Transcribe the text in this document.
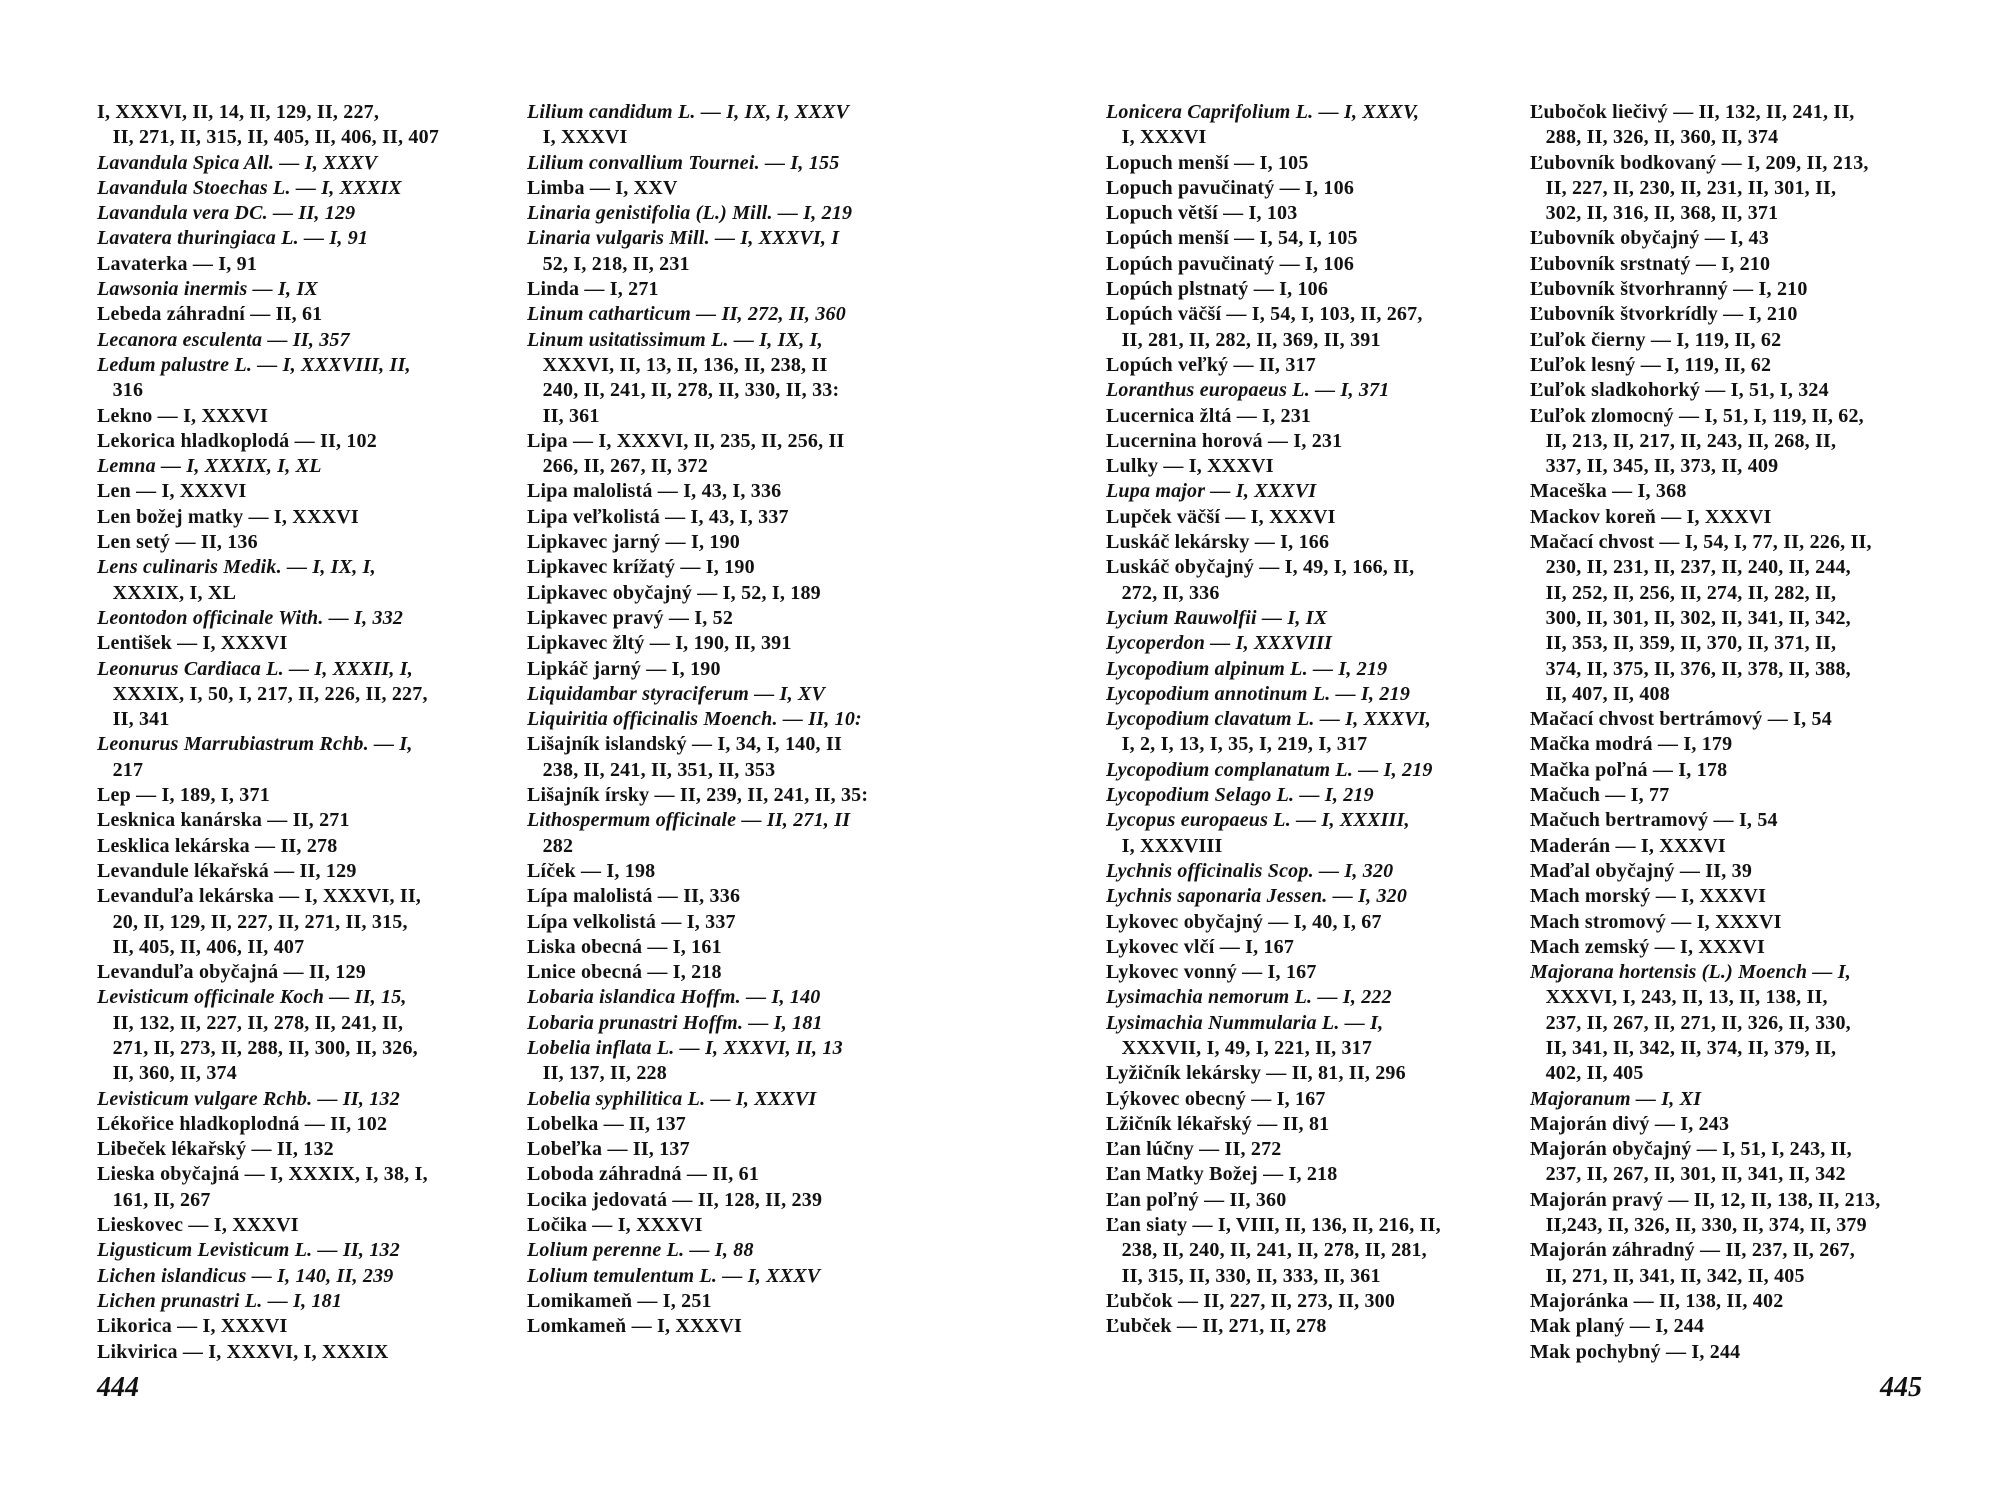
I, XXXVI, II, 14, II, 129, II, 227,
II, 271, II, 315, II, 405, II, 406, II, 407
Lavandula Spica All. — I, XXXV
Lavandula Stoechas L. — I, XXXIX
Lavandula vera DC. — II, 129
Lavatera thuringiaca L. — I, 91
Lavaterka — I, 91
Lawsonia inermis — I, IX
Lebeda záhradní — II, 61
Lecanora esculenta — II, 357
Ledum palustre L. — I, XXXVIII, II,
316
Lekno — I, XXXVI
Lekorica hladkoplodá — II, 102
Lemna — I, XXXIX, I, XL
Len — I, XXXVI
Len božej matky — I, XXXVI
Len setý — II, 136
Lens culinaris Medik. — I, IX, I,
XXXIX, I, XL
Leontodon officinale With. — I, 332
Lentišek — I, XXXVI
Leonurus Cardiaca L. — I, XXXII, I,
XXXIX, I, 50, I, 217, II, 226, II, 227,
II, 341
Leonurus Marrubiastrum Rchb. — I,
217
Lep — I, 189, I, 371
Lesknica kanárska — II, 271
Lesklica lekárska — II, 278
Levandule lékařská — II, 129
Levanduľa lekárska — I, XXXVI, II,
20, II, 129, II, 227, II, 271, II, 315,
II, 405, II, 406, II, 407
Levanduľa obyčajná — II, 129
Levisticum officinale Koch — II, 15,
II, 132, II, 227, II, 278, II, 241, II,
271, II, 273, II, 288, II, 300, II, 326,
II, 360, II, 374
Levisticum vulgare Rchb. — II, 132
Lékořice hladkoplodná — II, 102
Libeček lékařský — II, 132
Lieska obyčajná — I, XXXIX, I, 38, I,
161, II, 267
Lieskovec — I, XXXVI
Ligusticum Levisticum L. — II, 132
Lichen islandicus — I, 140, II, 239
Lichen prunastri L. — I, 181
Likorica — I, XXXVI
Likvirica — I, XXXVI, I, XXXIX
Lilium candidum L. — I, IX, I, XXXV
I, XXXVI
Lilium convallium Tournei. — I, 155
Limba — I, XXV
Linaria genistifolia (L.) Mill. — I, 219
Linaria vulgaris Mill. — I, XXXVI, I
52, I, 218, II, 231
Linda — I, 271
Linum catharticum — II, 272, II, 360
Linum usitatissimum L. — I, IX, I,
XXXVI, II, 13, II, 136, II, 238, II
240, II, 241, II, 278, II, 330, II, 33:
II, 361
Lipa — I, XXXVI, II, 235, II, 256, II
266, II, 267, II, 372
Lipa malolistá — I, 43, I, 336
Lipa veľkolistá — I, 43, I, 337
Lipkavec jarný — I, 190
Lipkavec krížatý — I, 190
Lipkavec obyčajný — I, 52, I, 189
Lipkavec pravý — I, 52
Lipkavec žltý — I, 190, II, 391
Lipkáč jarný — I, 190
Liquidambar styraciferum — I, XV
Liquiritia officinalis Moench. — II, 10:
Lišajník islandský — I, 34, I, 140, II
238, II, 241, II, 351, II, 353
Lišajník írsky — II, 239, II, 241, II, 35:
Lithospermum officinale — II, 271, II
282
Líček — I, 198
Lípa malolistá — II, 336
Lípa velkolistá — I, 337
Liska obecná — I, 161
Lnice obecná — I, 218
Lobaria islandica Hoffm. — I, 140
Lobaria prunastri Hoffm. — I, 181
Lobelia inflata L. — I, XXXVI, II, 13
II, 137, II, 228
Lobelia syphilitica L. — I, XXXVI
Lobelka — II, 137
Lobeľka — II, 137
Loboda záhradná — II, 61
Locika jedovatá — II, 128, II, 239
Ločika — I, XXXVI
Lolium perenne L. — I, 88
Lolium temulentum L. — I, XXXV
Lomikameň — I, 251
Lomkameň — I, XXXVI
444
Lonicera Caprifolium L. — I, XXXV,
I, XXXVI
Lopuch menší — I, 105
Lopuch pavučinatý — I, 106
Lopuch větší — I, 103
Lopúch menší — I, 54, I, 105
Lopúch pavučinatý — I, 106
Lopúch plstnatý — I, 106
Lopúch väčší — I, 54, I, 103, II, 267,
II, 281, II, 282, II, 369, II, 391
Lopúch veľký — II, 317
Loranthus europaeus L. — I, 371
Lucernica žltá — I, 231
Lucernina horová — I, 231
Lulky — I, XXXVI
Lupa major — I, XXXVI
Lupček väčší — I, XXXVI
Luskáč lekársky — I, 166
Luskáč obyčajný — I, 49, I, 166, II,
272, II, 336
Lycium Rauwolfii — I, IX
Lycoperdon — I, XXXVIII
Lycopodium alpinum L. — I, 219
Lycopodium annotinum L. — I, 219
Lycopodium clavatum L. — I, XXXVI,
I, 2, I, 13, I, 35, I, 219, I, 317
Lycopodium complanatum L. — I, 219
Lycopodium Selago L. — I, 219
Lycopus europaeus L. — I, XXXIII,
I, XXXVIII
Lychnis officinalis Scop. — I, 320
Lychnis saponaria Jessen. — I, 320
Lykovec obyčajný — I, 40, I, 67
Lykovec vlčí — I, 167
Lykovec vonný — I, 167
Lysimachia nemorum L. — I, 222
Lysimachia Nummularia L. — I,
XXXVII, I, 49, I, 221, II, 317
Lyžičník lekársky — II, 81, II, 296
Lýkovec obecný — I, 167
Lžičník lékařský — II, 81
Ľan lúčny — II, 272
Ľan Matky Božej — I, 218
Ľan poľný — II, 360
Ľan siaty — I, VIII, II, 136, II, 216, II,
238, II, 240, II, 241, II, 278, II, 281,
II, 315, II, 330, II, 333, II, 361
Ľubčok — II, 227, II, 273, II, 300
Ľubček — II, 271, II, 278
Ľubočok liečivý — II, 132, II, 241, II,
288, II, 326, II, 360, II, 374
Ľubovník bodkovaný — I, 209, II, 213,
II, 227, II, 230, II, 231, II, 301, II,
302, II, 316, II, 368, II, 371
Ľubovník obyčajný — I, 43
Ľubovník srstnatý — I, 210
Ľubovník štvorhranný — I, 210
Ľubovník štvorkrídly — I, 210
Ľuľok čierny — I, 119, II, 62
Ľuľok lesný — I, 119, II, 62
Ľuľok sladkohorký — I, 51, I, 324
Ľuľok zlomocný — I, 51, I, 119, II, 62,
II, 213, II, 217, II, 243, II, 268, II,
337, II, 345, II, 373, II, 409
Maceška — I, 368
Mackov koreň — I, XXXVI
Mačací chvost — I, 54, I, 77, II, 226, II,
230, II, 231, II, 237, II, 240, II, 244,
II, 252, II, 256, II, 274, II, 282, II,
300, II, 301, II, 302, II, 341, II, 342,
II, 353, II, 359, II, 370, II, 371, II,
374, II, 375, II, 376, II, 378, II, 388,
II, 407, II, 408
Mačací chvost bertrámový — I, 54
Mačka modrá — I, 179
Mačka poľná — I, 178
Mačuch — I, 77
Mačuch bertramový — I, 54
Maderán — I, XXXVI
Maďal obyčajný — II, 39
Mach morský — I, XXXVI
Mach stromový — I, XXXVI
Mach zemský — I, XXXVI
Majorana hortensis (L.) Moench — I,
XXXVI, I, 243, II, 13, II, 138, II,
237, II, 267, II, 271, II, 326, II, 330,
II, 341, II, 342, II, 374, II, 379, II,
402, II, 405
Majoranum — I, XI
Majorán divý — I, 243
Majorán obyčajný — I, 51, I, 243, II,
237, II, 267, II, 301, II, 341, II, 342
Majorán pravý — II, 12, II, 138, II, 213,
II,243, II, 326, II, 330, II, 374, II, 379
Majorán záhradný — II, 237, II, 267,
II, 271, II, 341, II, 342, II, 405
Majoránka — II, 138, II, 402
Mak planý — I, 244
Mak pochybný — I, 244
445
